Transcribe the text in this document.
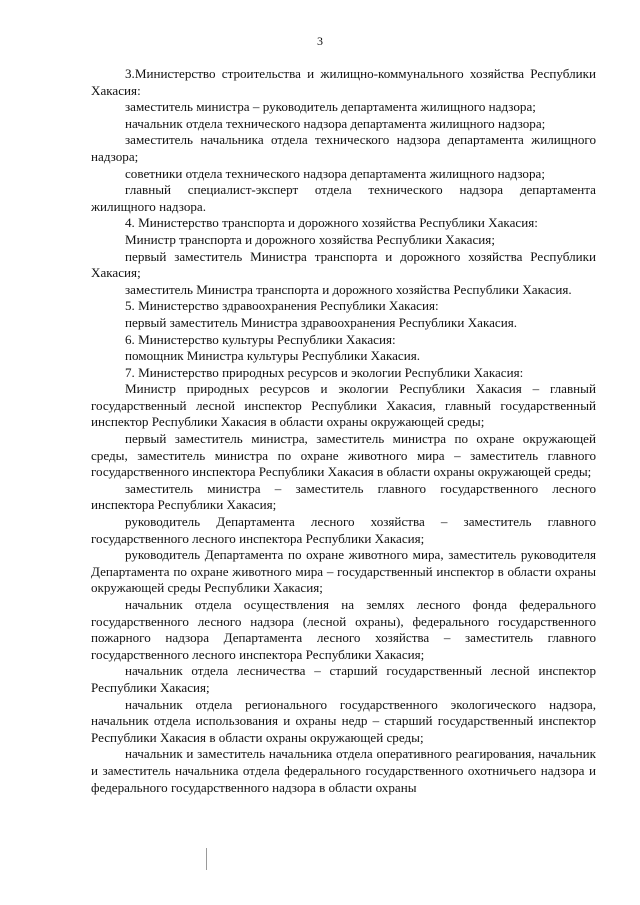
3

3.Министерство строительства и жилищно-коммунального хозяйства Республики Хакасия:

заместитель министра – руководитель департамента жилищного надзора;

начальник отдела технического надзора департамента жилищного надзора;

заместитель начальника отдела технического надзора департамента жилищного надзора;

советники отдела технического надзора департамента жилищного надзора;

главный специалист-эксперт отдела технического надзора департамента жилищного надзора.

4. Министерство транспорта и дорожного хозяйства Республики Хакасия:

Министр транспорта и дорожного хозяйства Республики Хакасия;

первый заместитель Министра транспорта и дорожного хозяйства Республики Хакасия;

заместитель Министра транспорта и дорожного хозяйства Республики Хакасия.

5. Министерство здравоохранения Республики Хакасия:

первый заместитель Министра здравоохранения Республики Хакасия.

6. Министерство культуры Республики Хакасия:

помощник Министра культуры Республики Хакасия.

7. Министерство природных ресурсов и экологии Республики Хакасия:

Министр природных ресурсов и экологии Республики Хакасия – главный государственный лесной инспектор Республики Хакасия, главный государственный инспектор Республики Хакасия в области охраны окружающей среды;

первый заместитель министра, заместитель министра по охране окружающей среды, заместитель министра по охране животного мира – заместитель главного государственного инспектора Республики Хакасия в области охраны окружающей среды;

заместитель министра – заместитель главного государственного лесного инспектора Республики Хакасия;

руководитель Департамента лесного хозяйства – заместитель главного государственного лесного инспектора Республики Хакасия;

руководитель Департамента по охране животного мира, заместитель руководителя Департамента по охране животного мира – государственный инспектор в области охраны окружающей среды Республики Хакасия;

начальник отдела осуществления на землях лесного фонда федерального государственного лесного надзора (лесной охраны), федерального государственного пожарного надзора Департамента лесного хозяйства – заместитель главного государственного лесного инспектора Республики Хакасия;

начальник отдела лесничества – старший государственный лесной инспектор Республики Хакасия;

начальник отдела регионального государственного экологического надзора, начальник отдела использования и охраны недр – старший государственный инспектор Республики Хакасия в области охраны окружающей среды;

начальник и заместитель начальника отдела оперативного реагирования, начальник и заместитель начальника отдела федерального государственного охотничьего надзора и федерального государственного надзора в области охраны
